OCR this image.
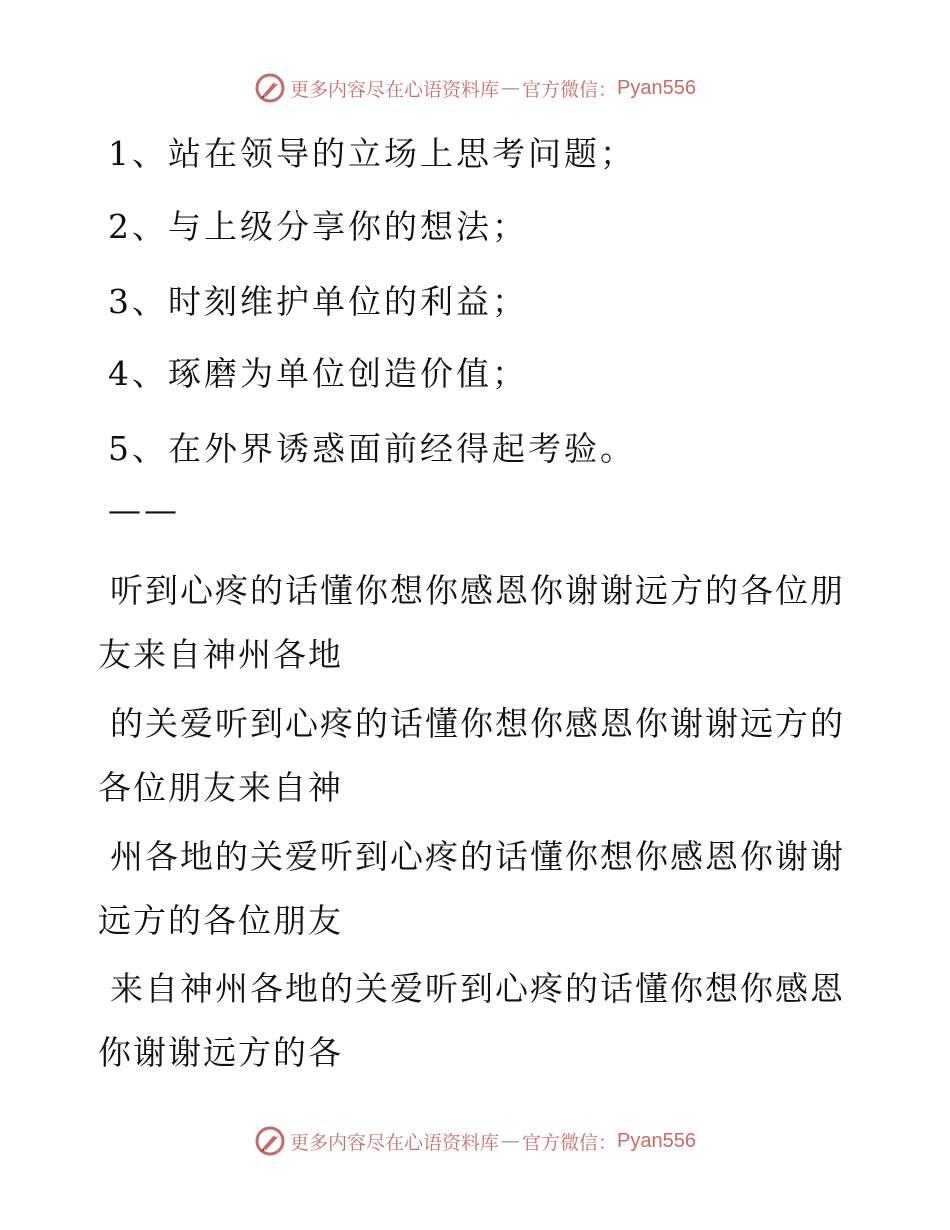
更多内容尽在心语资料库 — 官方微信： Pyan556
1、站在领导的立场上思考问题；
2、与上级分享你的想法；
3、时刻维护单位的利益；
4、琢磨为单位创造价值；
5、在外界诱惑面前经得起考验。
——
听到心疼的话懂你想你感恩你谢谢远方的各位朋
友来自神州各地
的关爱听到心疼的话懂你想你感恩你谢谢远方的
各位朋友来自神
州各地的关爱听到心疼的话懂你想你感恩你谢谢
远方的各位朋友
来自神州各地的关爱听到心疼的话懂你想你感恩
你谢谢远方的各
更多内容尽在心语资料库 — 官方微信： Pyan556
